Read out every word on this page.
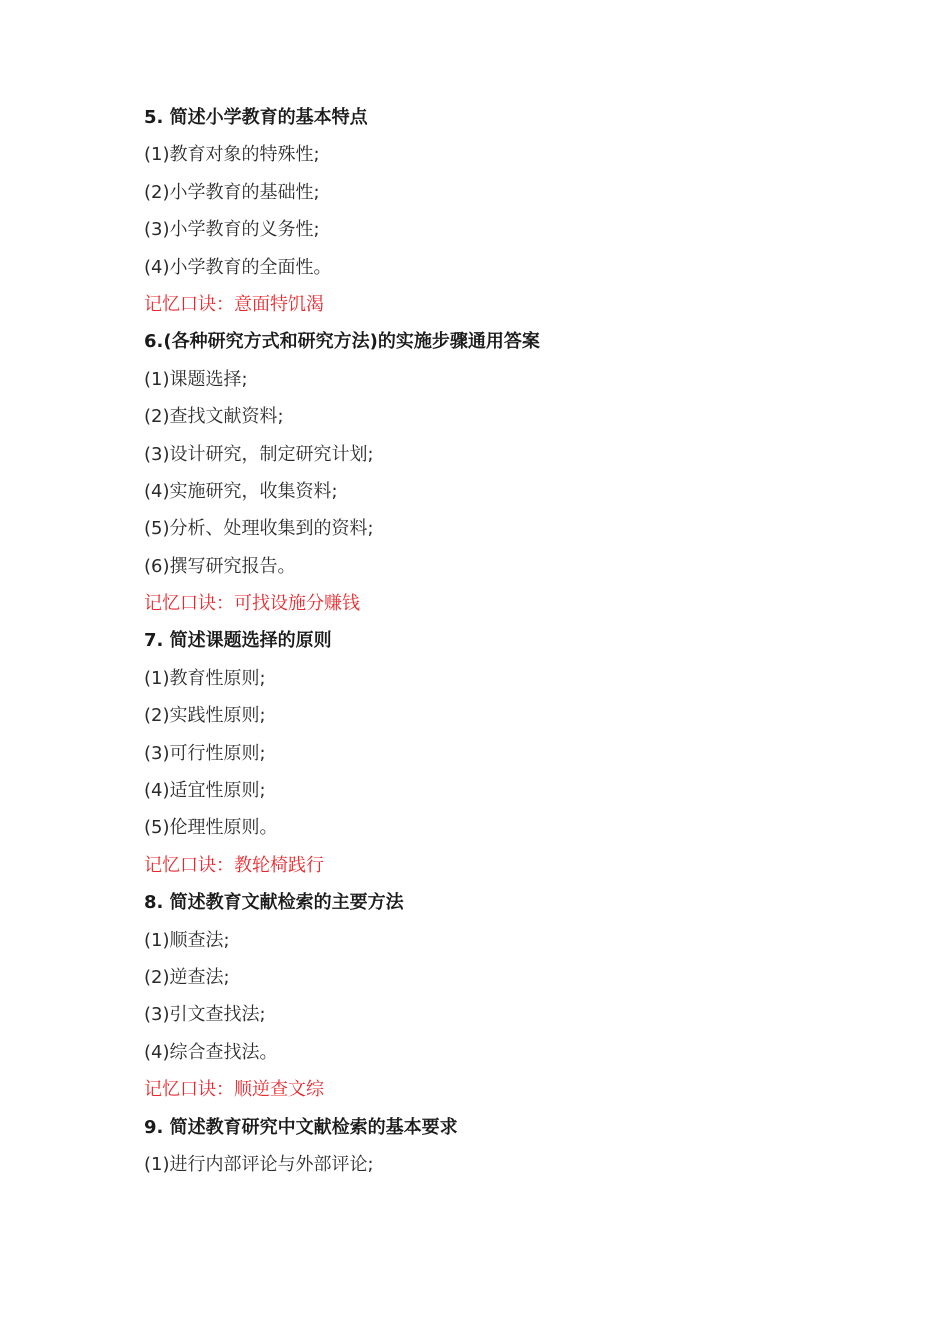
5. 简述小学教育的基本特点
(1)教育对象的特殊性;
(2)小学教育的基础性;
(3)小学教育的义务性;
(4)小学教育的全面性。
记忆口诀：意面特饥渴
6.(各种研究方式和研究方法)的实施步骤通用答案
(1)课题选择;
(2)查找文献资料;
(3)设计研究，制定研究计划;
(4)实施研究，收集资料;
(5)分析、处理收集到的资料;
(6)撰写研究报告。
记忆口诀：可找设施分赚钱
7. 简述课题选择的原则
(1)教育性原则;
(2)实践性原则;
(3)可行性原则;
(4)适宜性原则;
(5)伦理性原则。
记忆口诀：教轮椅践行
8. 简述教育文献检索的主要方法
(1)顺查法;
(2)逆查法;
(3)引文查找法;
(4)综合查找法。
记忆口诀：顺逆查文综
9. 简述教育研究中文献检索的基本要求
(1)进行内部评论与外部评论;
